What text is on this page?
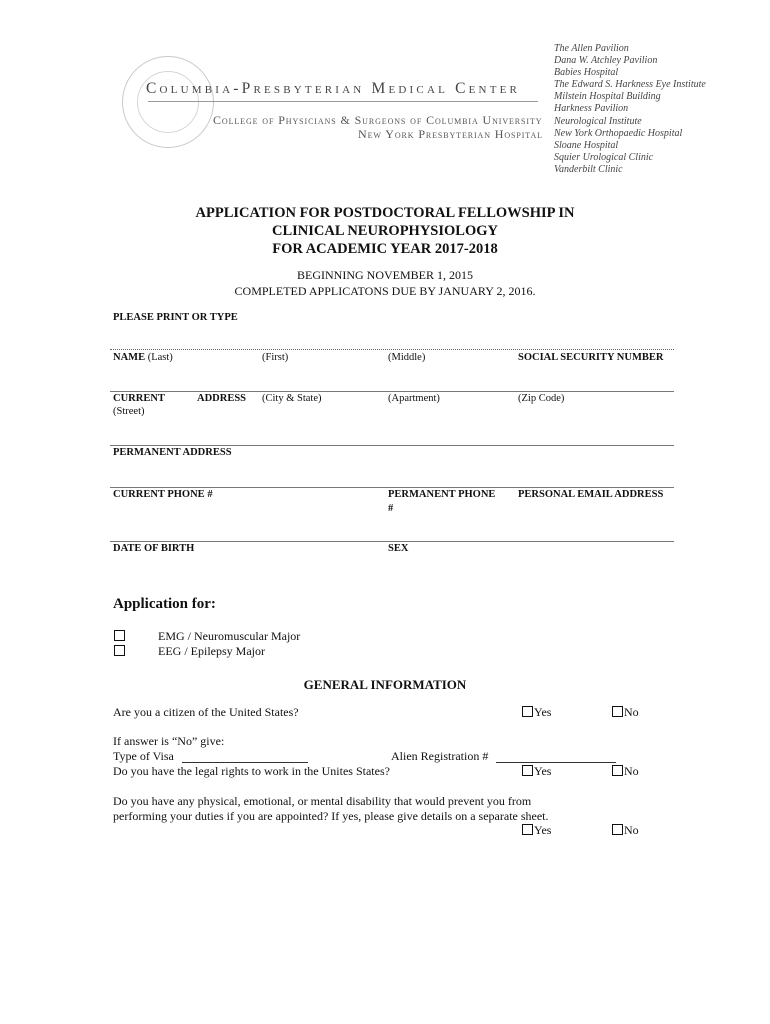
Columbia-Presbyterian Medical Center
College of Physicians & Surgeons of Columbia University
New York Presbyterian Hospital
The Allen Pavilion
Dana W. Atchley Pavilion
Babies Hospital
The Edward S. Harkness Eye Institute
Milstein Hospital Building
Harkness Pavilion
Neurological Institute
New York Orthopaedic Hospital
Sloane Hospital
Squier Urological Clinic
Vanderbilt Clinic
APPLICATION FOR POSTDOCTORAL FELLOWSHIP IN
CLINICAL NEUROPHYSIOLOGY
FOR ACADEMIC YEAR 2017-2018
BEGINNING NOVEMBER 1, 2015
COMPLETED APPLICATONS DUE BY JANUARY 2, 2016.
PLEASE PRINT OR TYPE
NAME (Last)	(First)	(Middle)	SOCIAL SECURITY NUMBER
CURRENT	ADDRESS
(Street)
(City & State)	(Apartment)	(Zip Code)
PERMANENT ADDRESS
CURRENT PHONE #	PERMANENT PHONE
#
PERSONAL EMAIL ADDRESS
DATE OF BIRTH	SEX
Application for:
EMG / Neuromuscular Major
EEG / Epilepsy Major
GENERAL INFORMATION
Are you a citizen of the United States?	Yes	No
If answer is “No” give:
Type of Visa	Alien Registration #
Do you have the legal rights to work in the Unites States?	Yes	No
Do you have any physical, emotional, or mental disability that would prevent you from
performing your duties if you are appointed? If yes, please give details on a separate sheet.
Yes	No
